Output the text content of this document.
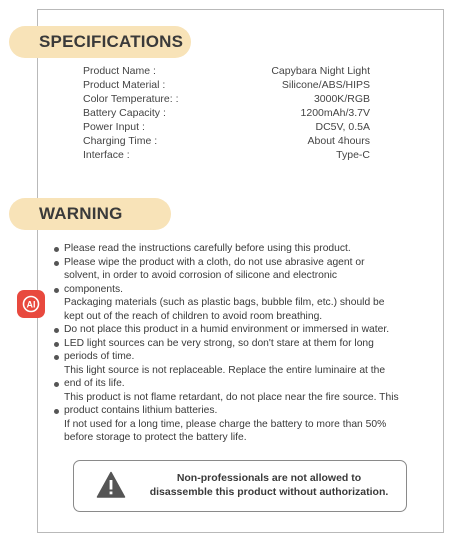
SPECIFICATIONS
Product Name :	Capybara Night Light
Product Material :	Silicone/ABS/HIPS
Color Temperature: :	3000K/RGB
Battery Capacity :	1200mAh/3.7V
Power Input :	DC5V, 0.5A
Charging Time :	About 4hours
Interface :	Type-C
WARNING
AI
Please read the instructions carefully before using this product.
Please wipe the product with a cloth, do not use abrasive agent or
solvent, in order to avoid corrosion of silicone and electronic
components.
Packaging materials (such as plastic bags, bubble film, etc.) should be
kept out of the reach of children to avoid room breathing.
Do not place this product in a humid environment or immersed in water.
LED light sources can be very strong, so don't stare at them for long
periods of time.
This light source is not replaceable. Replace the entire luminaire at the
end of its life.
This product is not flame retardant, do not place near the fire source. This
product contains lithium batteries.
If not used for a long time, please charge the battery to more than 50%
before storage to protect the battery life.
Non-professionals are not allowed to
disassemble this product without authorization.
